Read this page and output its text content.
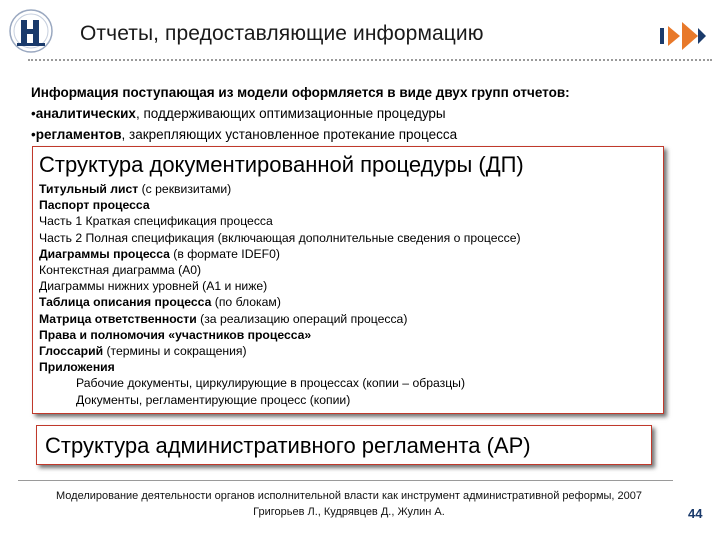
Отчеты, предоставляющие информацию
Информация поступающая из модели оформляется в виде двух групп отчетов:
•аналитических, поддерживающих оптимизационные процедуры
•регламентов, закрепляющих установленное протекание процесса
Структура документированной процедуры (ДП)
Титульный лист (с реквизитами)
Паспорт процесса
Часть 1 Краткая спецификация процесса
Часть 2 Полная спецификация (включающая дополнительные сведения о процессе)
Диаграммы процесса (в формате IDEF0)
Контекстная диаграмма (А0)
Диаграммы нижних уровней (А1 и ниже)
Таблица описания процесса (по блокам)
Матрица ответственности (за реализацию операций процесса)
Права и полномочия «участников процесса»
Глоссарий (термины и сокращения)
Приложения
Рабочие документы, циркулирующие в процессах (копии – образцы)
Документы, регламентирующие процесс (копии)
Структура административного регламента (АР)
Моделирование деятельности органов исполнительной власти как инструмент административной реформы, 2007
Григорьев Л., Кудрявцев Д., Жулин А.	44
